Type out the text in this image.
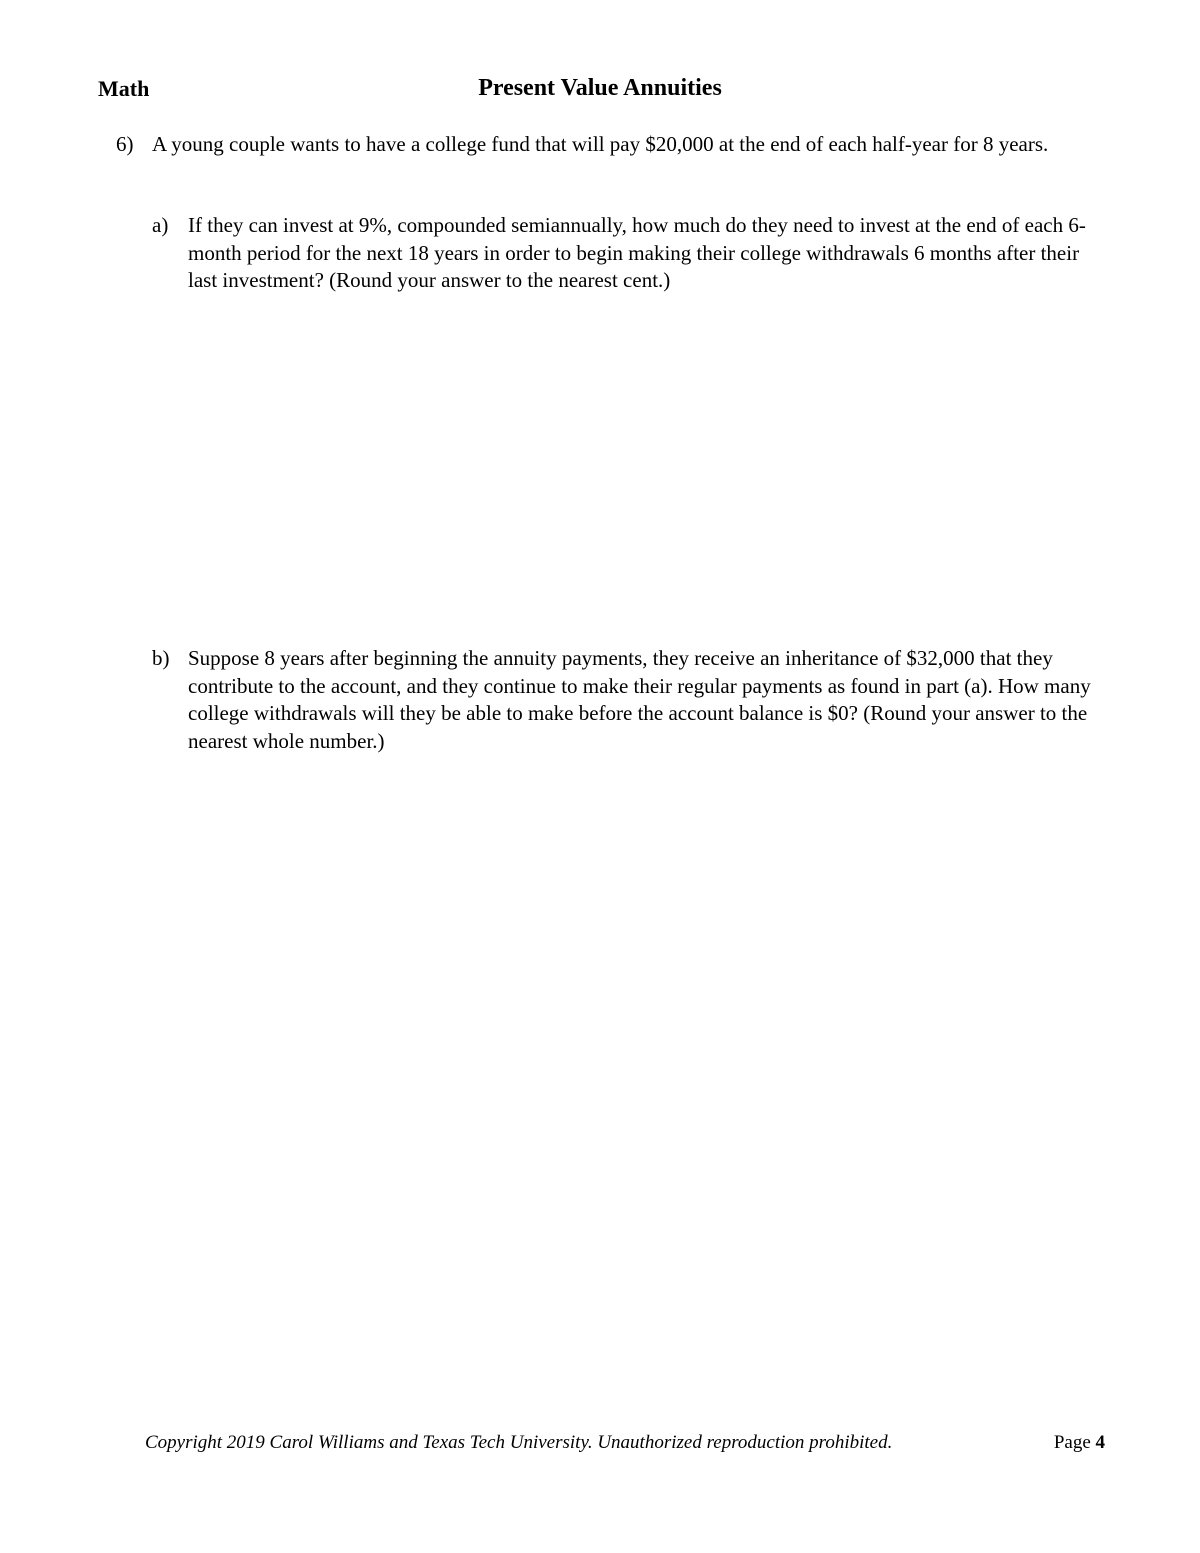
Math	Present Value Annuities
6) A young couple wants to have a college fund that will pay $20,000 at the end of each half-year for 8 years.
a) If they can invest at 9%, compounded semiannually, how much do they need to invest at the end of each 6-month period for the next 18 years in order to begin making their college withdrawals 6 months after their last investment? (Round your answer to the nearest cent.)
b) Suppose 8 years after beginning the annuity payments, they receive an inheritance of $32,000 that they contribute to the account, and they continue to make their regular payments as found in part (a). How many college withdrawals will they be able to make before the account balance is $0? (Round your answer to the nearest whole number.)
Copyright 2019 Carol Williams and Texas Tech University. Unauthorized reproduction prohibited.	Page 4
